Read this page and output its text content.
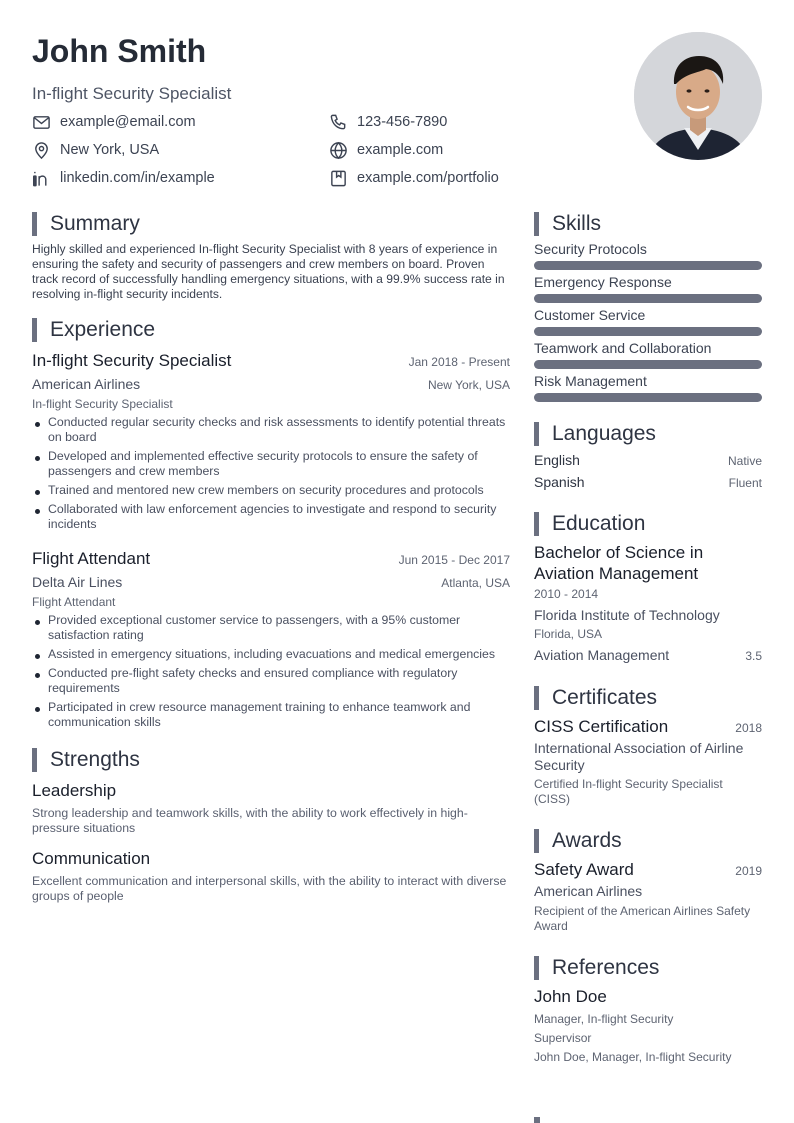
John Smith
In-flight Security Specialist
example@email.com	123-456-7890
New York, USA	example.com
linkedin.com/in/example	example.com/portfolio
Summary

Highly skilled and experienced In-flight Security Specialist with 8 years of experience in ensuring the safety and security of passengers and crew members on board. Proven track record of successfully handling emergency situations, with a 99.9% success rate in resolving in-flight security incidents.

Experience
In-flight Security Specialist	Jan 2018 - Present
American Airlines	New York, USA
In-flight Security Specialist
Conducted regular security checks and risk assessments to identify potential threats on board
Developed and implemented effective security protocols to ensure the safety of passengers and crew members
Trained and mentored new crew members on security procedures and protocols
Collaborated with law enforcement agencies to investigate and respond to security incidents
Flight Attendant	Jun 2015 - Dec 2017
Delta Air Lines	Atlanta, USA
Flight Attendant
Provided exceptional customer service to passengers, with a 95% customer satisfaction rating
Assisted in emergency situations, including evacuations and medical emergencies
Conducted pre-flight safety checks and ensured compliance with regulatory requirements
Participated in crew resource management training to enhance teamwork and communication skills
Strengths
Leadership
Strong leadership and teamwork skills, with the ability to work effectively in high-pressure situations
Communication
Excellent communication and interpersonal skills, with the ability to interact with diverse groups of people
Skills
Security Protocols
Emergency Response
Customer Service
Teamwork and Collaboration
Risk Management
Languages
English	Native
Spanish	Fluent
Education
Bachelor of Science in Aviation Management
2010 - 2014
Florida Institute of Technology
Florida, USA
Aviation Management	3.5
Certificates
CISS Certification	2018
International Association of Airline Security
Certified In-flight Security Specialist (CISS)
Awards
Safety Award	2019
American Airlines
Recipient of the American Airlines Safety Award
References
John Doe
Manager, In-flight Security Supervisor
John Doe, Manager, In-flight Security
